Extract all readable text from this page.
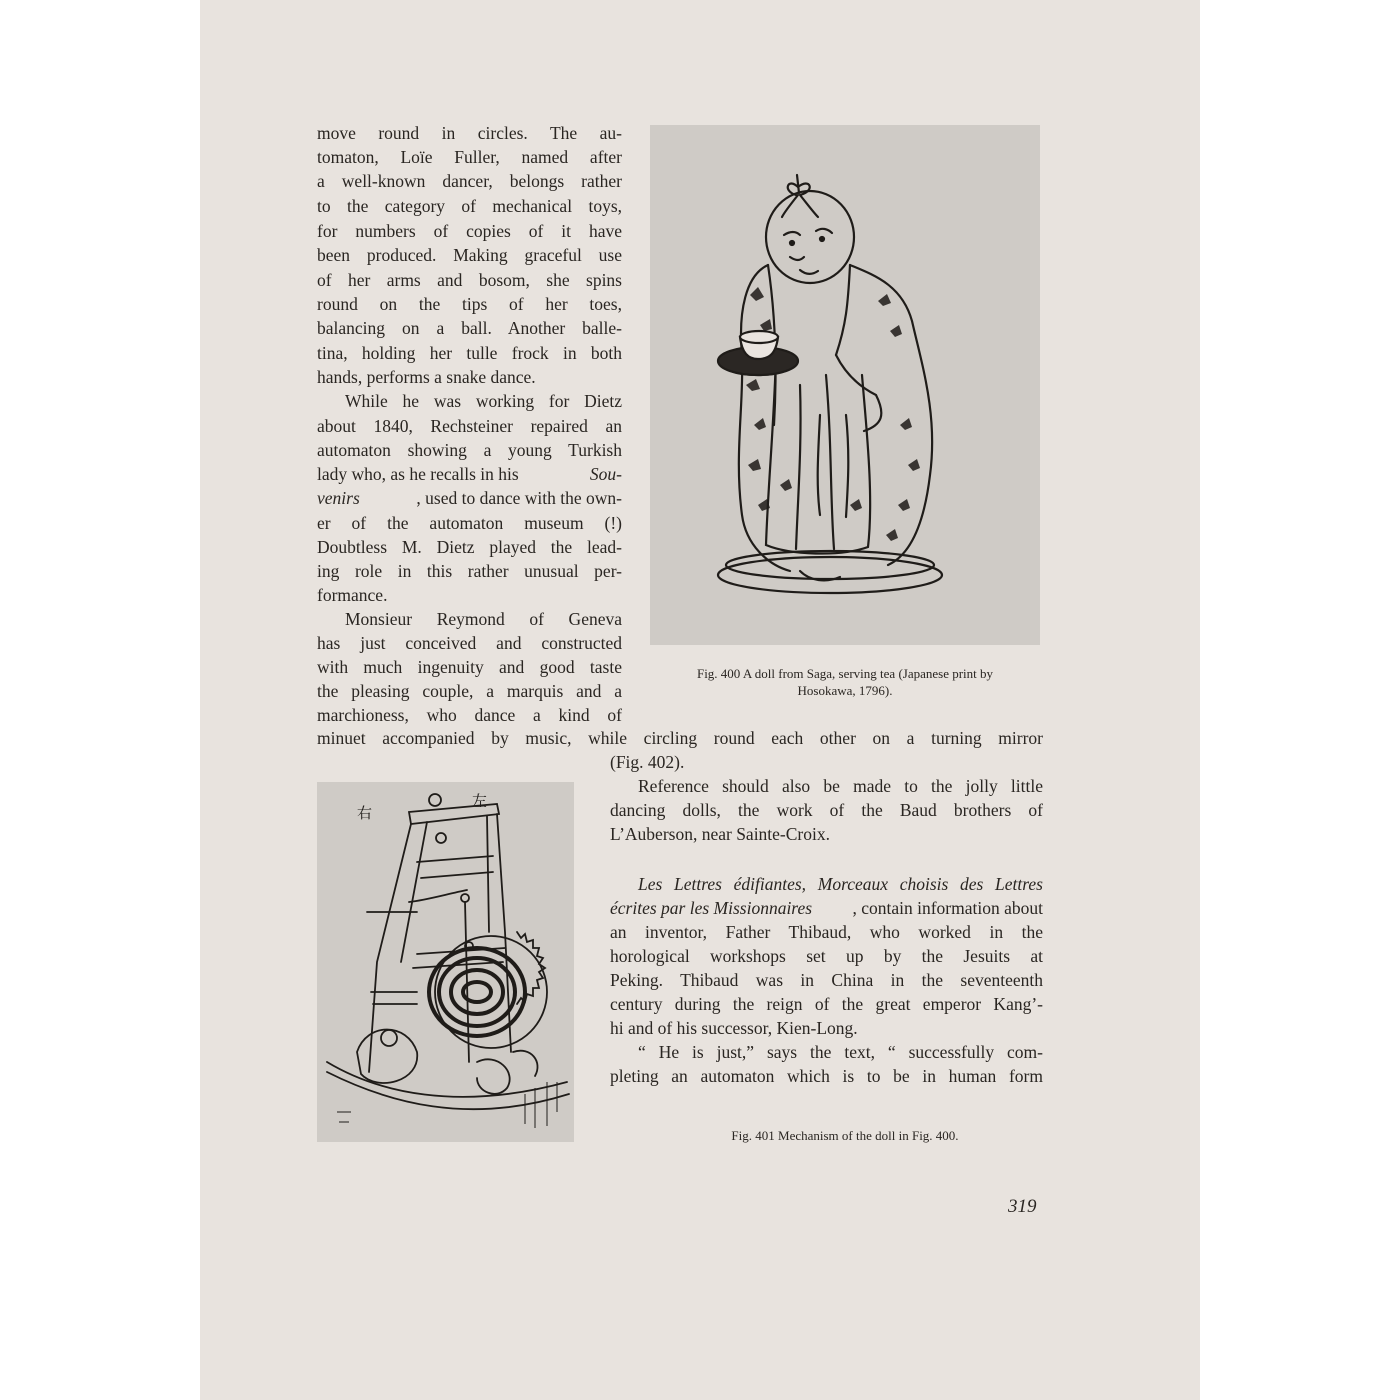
move round in circles. The au-
tomaton, Loïe Fuller, named after
a well-known dancer, belongs rather
to the category of mechanical toys,
for numbers of copies of it have
been produced. Making graceful use
of her arms and bosom, she spins
round on the tips of her toes,
balancing on a ball. Another balle-
tina, holding her tulle frock in both
hands, performs a snake dance.
While he was working for Dietz
about 1840, Rechsteiner repaired an
automaton showing a young Turkish
lady who, as he recalls in his	Sou-
venirs	, used to dance with the own-
er of the automaton museum (!)
Doubtless M. Dietz played the lead-
ing role in this rather unusual per-
formance.
Monsieur Reymond of Geneva
has just conceived and constructed
with much ingenuity and good taste
the pleasing couple, a marquis and a
marchioness, who dance a kind of
minuet accompanied by music, while circling round each other on a turning mirror
(Fig. 402).
Reference should also be made to the jolly little
dancing dolls, the work of the Baud brothers of
L’Auberson, near Sainte-Croix.
Les Lettres édifiantes, Morceaux choisis des Lettres
écrites par les Missionnaires , contain information about
an inventor, Father Thibaud, who worked in the
horological workshops set up by the Jesuits at
Peking. Thibaud was in China in the seventeenth
century during the reign of the great emperor Kang’-
hi and of his successor, Kien-Long.
“ He is just,” says the text, “ successfully com-
pleting an automaton which is to be in human form
Fig. 400 A doll from Saga, serving tea (Japanese print by
Hosokawa, 1796).
右
左
Fig. 401 Mechanism of the doll in Fig. 400.
319
